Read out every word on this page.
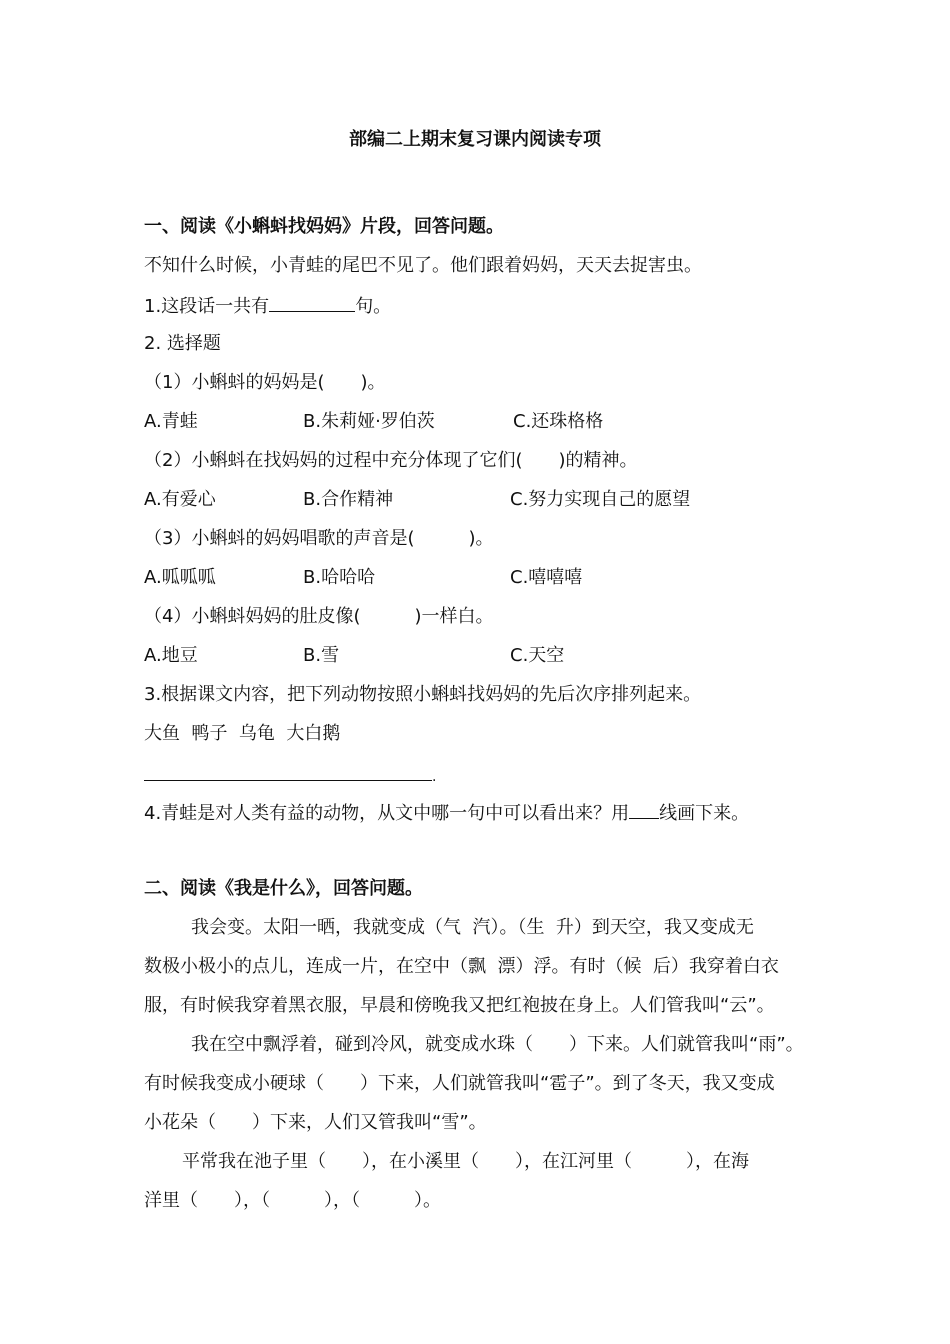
部编二上期末复习课内阅读专项
一、阅读《小蝌蚪找妈妈》片段，回答问题。
不知什么时候，小青蛙的尾巴不见了。他们跟着妈妈，天天去捉害虫。
1.这段话一共有	句。
2. 选择题
（1）小蝌蚪的妈妈是(　　)。
A.青蛙	B.朱莉娅·罗伯茨	C.还珠格格
（2）小蝌蚪在找妈妈的过程中充分体现了它们(　　)的精神。
A.有爱心	B.合作精神	C.努力实现自己的愿望
（3）小蝌蚪的妈妈唱歌的声音是(　　　)。
A.呱呱呱	B.哈哈哈	C.嘻嘻嘻
（4）小蝌蚪妈妈的肚皮像(　　　)一样白。
A.地豆	B.雪	C.天空
3.根据课文内容，把下列动物按照小蝌蚪找妈妈的先后次序排列起来。
大鱼  鸭子  乌龟  大白鹅
.
4.青蛙是对人类有益的动物，从文中哪一句中可以看出来？用 线画下来。
二、阅读《我是什么》，回答问题。
我会变。太阳一晒，我就变成（气  汽）。（生  升）到天空，我又变成无
数极小极小的点儿，连成一片，在空中（飘  漂）浮。有时（候  后）我穿着白衣
服，有时候我穿着黑衣服，早晨和傍晚我又把红袍披在身上。人们管我叫“云”。
我在空中飘浮着，碰到冷风，就变成水珠（　　）下来。人们就管我叫“雨”。
有时候我变成小硬球（　　）下来，人们就管我叫“雹子”。到了冬天，我又变成
小花朵（　　）下来，人们又管我叫“雪”。
平常我在池子里（　　），在小溪里（　　），在江河里（　　　），在海
洋里（　　），（　　　），（　　　）。
